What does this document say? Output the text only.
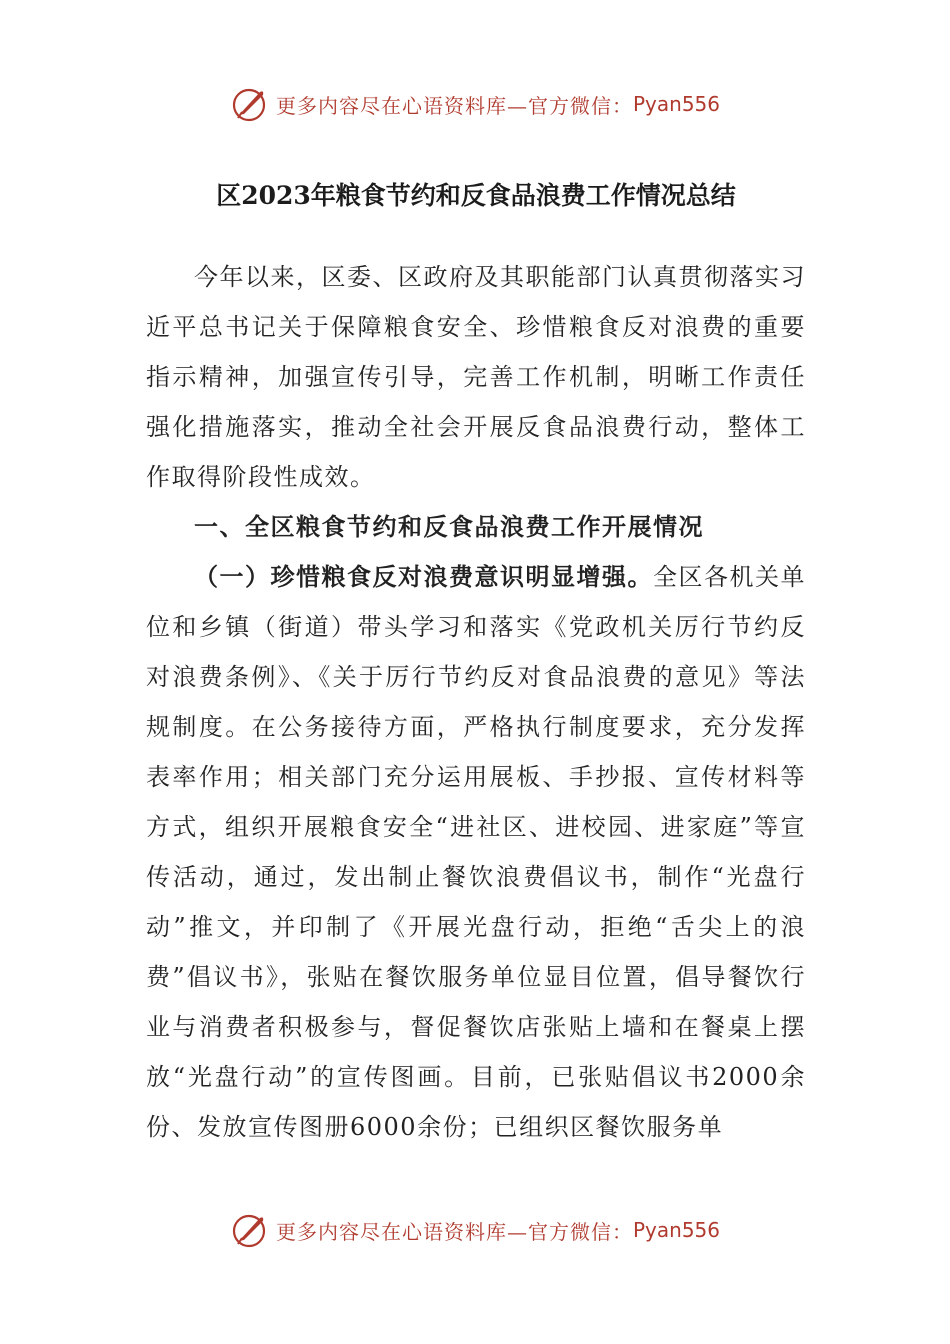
更多内容尽在心语资料库—官方微信： Pyan556
区2023年粮食节约和反食品浪费工作情况总结

今年以来，区委、区政府及其职能部门认真贯彻落实习近平总书记关于保障粮食安全、珍惜粮食反对浪费的重要指示精神，加强宣传引导，完善工作机制，明晰工作责任强化措施落实，推动全社会开展反食品浪费行动，整体工作取得阶段性成效。

一、全区粮食节约和反食品浪费工作开展情况

（一）珍惜粮食反对浪费意识明显增强。全区各机关单位和乡镇（街道）带头学习和落实《党政机关厉行节约反对浪费条例》、《关于厉行节约反对食品浪费的意见》等法规制度。在公务接待方面，严格执行制度要求，充分发挥表率作用；相关部门充分运用展板、手抄报、宣传材料等方式，组织开展粮食安全“进社区、进校园、进家庭”等宣传活动，通过，发出制止餐饮浪费倡议书，制作“光盘行动”推文，并印制了《开展光盘行动，拒绝“舌尖上的浪费”倡议书》，张贴在餐饮服务单位显目位置，倡导餐饮行业与消费者积极参与，督促餐饮店张贴上墙和在餐桌上摆放“光盘行动”的宣传图画。目前，已张贴倡议书2000余份、发放宣传图册6000余份；已组织区餐饮服务单

更多内容尽在心语资料库—官方微信： Pyan556
